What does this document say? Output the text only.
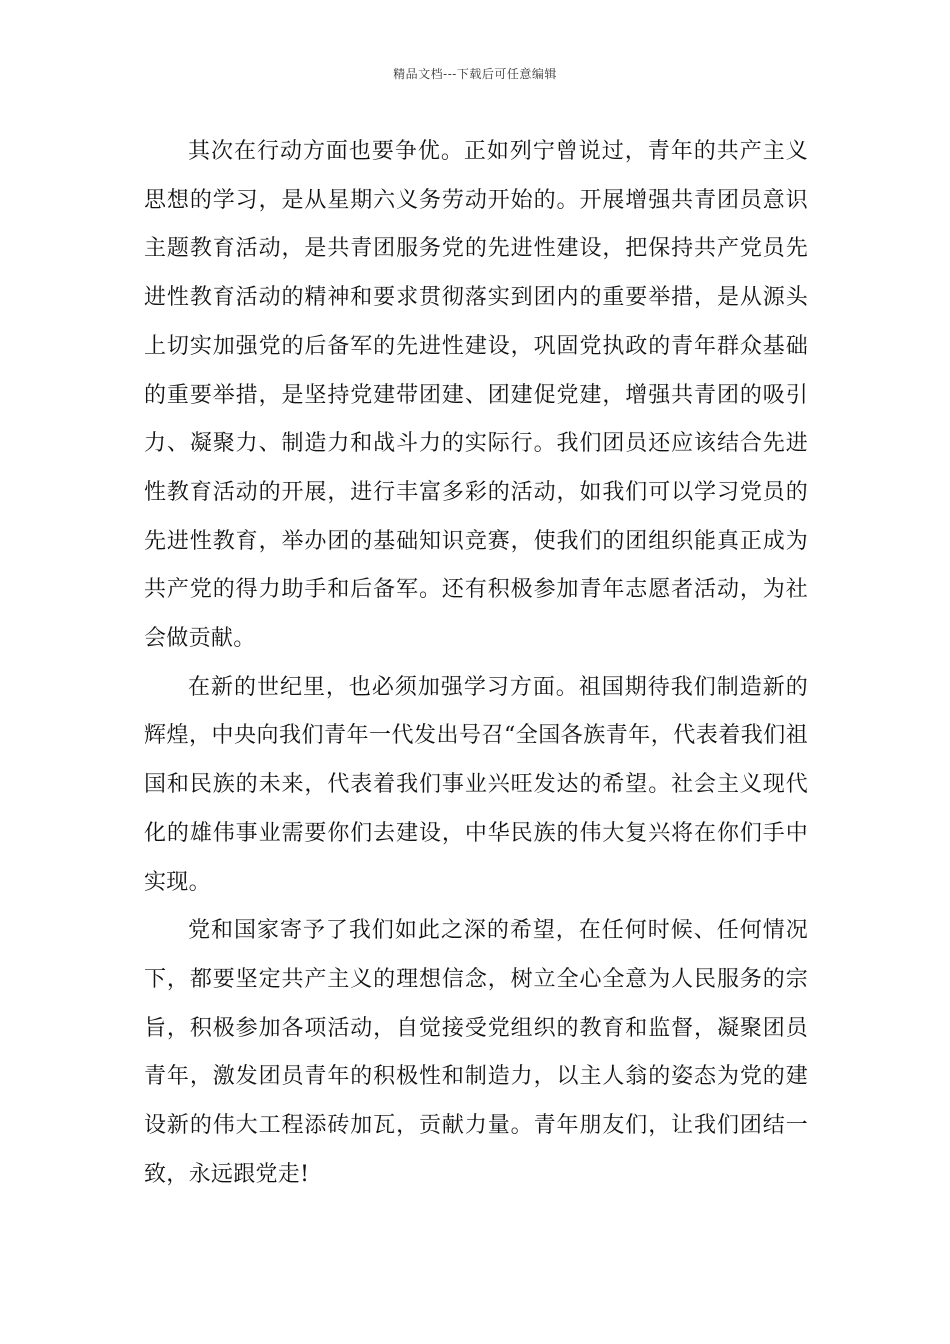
精品文档---下载后可任意编辑

其次在行动方面也要争优。正如列宁曾说过，青年的共产主义思想的学习，是从星期六义务劳动开始的。开展增强共青团员意识主题教育活动，是共青团服务党的先进性建设，把保持共产党员先进性教育活动的精神和要求贯彻落实到团内的重要举措，是从源头上切实加强党的后备军的先进性建设，巩固党执政的青年群众基础的重要举措，是坚持党建带团建、团建促党建，增强共青团的吸引力、凝聚力、制造力和战斗力的实际行。我们团员还应该结合先进性教育活动的开展，进行丰富多彩的活动，如我们可以学习党员的先进性教育，举办团的基础知识竞赛，使我们的团组织能真正成为共产党的得力助手和后备军。还有积极参加青年志愿者活动，为社会做贡献。

在新的世纪里，也必须加强学习方面。祖国期待我们制造新的辉煌，中央向我们青年一代发出号召“全国各族青年，代表着我们祖国和民族的未来，代表着我们事业兴旺发达的希望。社会主义现代化的雄伟事业需要你们去建设，中华民族的伟大复兴将在你们手中实现。

党和国家寄予了我们如此之深的希望，在任何时候、任何情况下，都要坚定共产主义的理想信念，树立全心全意为人民服务的宗旨，积极参加各项活动，自觉接受党组织的教育和监督，凝聚团员青年，激发团员青年的积极性和制造力，以主人翁的姿态为党的建设新的伟大工程添砖加瓦，贡献力量。青年朋友们，让我们团结一致，永远跟党走!
